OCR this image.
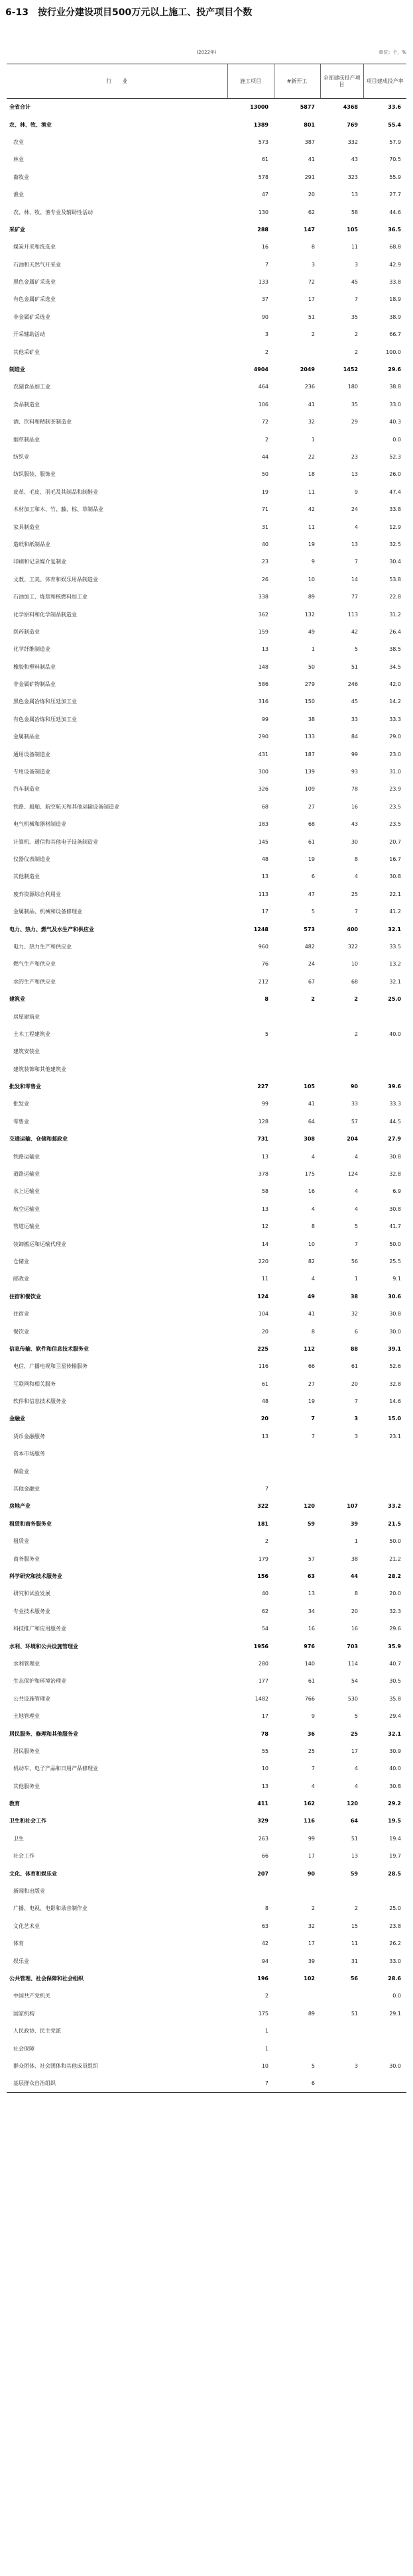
6-13　按行业分建设项目500万元以上施工、投产项目个数
(2022年)	单位：个，%
行　　业	施工项目	#新开工	全部建成投产项目	项目建成投产率
全省合计	13000	5877	4368	33.6
农、林、牧、渔业	1389	801	769	55.4
农业	573	387	332	57.9
林业	61	41	43	70.5
畜牧业	578	291	323	55.9
渔业	47	20	13	27.7
农、林、牧、渔专业及辅助性活动	130	62	58	44.6
采矿业	288	147	105	36.5
煤炭开采和洗选业	16	8	11	68.8
石油和天然气开采业	7	3	3	42.9
黑色金属矿采选业	133	72	45	33.8
有色金属矿采选业	37	17	7	18.9
非金属矿采选业	90	51	35	38.9
开采辅助活动	3	2	2	66.7
其他采矿业	2		2	100.0
制造业	4904	2049	1452	29.6
农副食品加工业	464	236	180	38.8
食品制造业	106	41	35	33.0
酒、饮料和精制茶制造业	72	32	29	40.3
烟草制品业	2	1		0.0
纺织业	44	22	23	52.3
纺织服装、服饰业	50	18	13	26.0
皮革、毛皮、羽毛及其制品和制鞋业	19	11	9	47.4
木材加工和木、竹、藤、棕、草制品业	71	42	24	33.8
家具制造业	31	11	4	12.9
造纸和纸制品业	40	19	13	32.5
印刷和记录媒介复制业	23	9	7	30.4
文教、工美、体育和娱乐用品制造业	26	10	14	53.8
石油加工、炼焦和核燃料加工业	338	89	77	22.8
化学原料和化学制品制造业	362	132	113	31.2
医药制造业	159	49	42	26.4
化学纤维制造业	13	1	5	38.5
橡胶和塑料制品业	148	50	51	34.5
非金属矿物制品业	586	279	246	42.0
黑色金属冶炼和压延加工业	316	150	45	14.2
有色金属冶炼和压延加工业	99	38	33	33.3
金属制品业	290	133	84	29.0
通用设备制造业	431	187	99	23.0
专用设备制造业	300	139	93	31.0
汽车制造业	326	109	78	23.9
铁路、船舶、航空航天和其他运输设备制造业	68	27	16	23.5
电气机械和器材制造业	183	68	43	23.5
计算机、通信和其他电子设备制造业	145	61	30	20.7
仪器仪表制造业	48	19	8	16.7
其他制造业	13	6	4	30.8
废弃资源综合利用业	113	47	25	22.1
金属制品、机械和设备修理业	17	5	7	41.2
电力、热力、燃气及水生产和供应业	1248	573	400	32.1
电力、热力生产和供应业	960	482	322	33.5
燃气生产和供应业	76	24	10	13.2
水的生产和供应业	212	67	68	32.1
建筑业	8	2	2	25.0
房屋建筑业				
土木工程建筑业	5		2	40.0
建筑安装业				
建筑装饰和其他建筑业				
批发和零售业	227	105	90	39.6
批发业	99	41	33	33.3
零售业	128	64	57	44.5
交通运输、仓储和邮政业	731	308	204	27.9
铁路运输业	13	4	4	30.8
道路运输业	378	175	124	32.8
水上运输业	58	16	4	6.9
航空运输业	13	4	4	30.8
管道运输业	12	8	5	41.7
装卸搬运和运输代理业	14	10	7	50.0
仓储业	220	82	56	25.5
邮政业	11	4	1	9.1
住宿和餐饮业	124	49	38	30.6
住宿业	104	41	32	30.8
餐饮业	20	8	6	30.0
信息传输、软件和信息技术服务业	225	112	88	39.1
电信、广播电视和卫星传输服务	116	66	61	52.6
互联网和相关服务	61	27	20	32.8
软件和信息技术服务业	48	19	7	14.6
金融业	20	7	3	15.0
货币金融服务	13	7	3	23.1
资本市场服务				
保险业				
其他金融业	7			
房地产业	322	120	107	33.2
租赁和商务服务业	181	59	39	21.5
租赁业	2		1	50.0
商务服务业	179	57	38	21.2
科学研究和技术服务业	156	63	44	28.2
研究和试验发展	40	13	8	20.0
专业技术服务业	62	34	20	32.3
科技推广和应用服务业	54	16	16	29.6
水利、环境和公共设施管理业	1956	976	703	35.9
水利管理业	280	140	114	40.7
生态保护和环境治理业	177	61	54	30.5
公共设施管理业	1482	766	530	35.8
土地管理业	17	9	5	29.4
居民服务、修理和其他服务业	78	36	25	32.1
居民服务业	55	25	17	30.9
机动车、电子产品和日用产品修理业	10	7	4	40.0
其他服务业	13	4	4	30.8
教育	411	162	120	29.2
卫生和社会工作	329	116	64	19.5
卫生	263	99	51	19.4
社会工作	66	17	13	19.7
文化、体育和娱乐业	207	90	59	28.5
新闻和出版业				
广播、电视、电影和录音制作业	8	2	2	25.0
文化艺术业	63	32	15	23.8
体育	42	17	11	26.2
娱乐业	94	39	31	33.0
公共管理、社会保障和社会组织	196	102	56	28.6
中国共产党机关	2			0.0
国家机构	175	89	51	29.1
人民政协、民主党派	1			
社会保障	1			
群众团体、社会团体和其他成员组织	10	5	3	30.0
基层群众自治组织	7	6		
